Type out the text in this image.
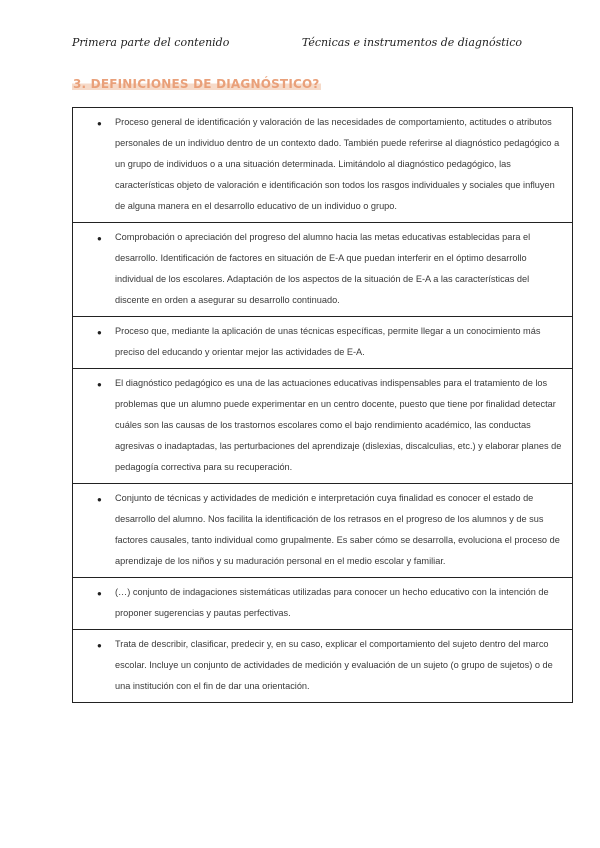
Primera parte del contenido	Técnicas e instrumentos de diagnóstico
3. DEFINICIONES DE DIAGNÓSTICO?
●	Proceso general de identificación y valoración de las necesidades de comportamiento, actitudes o atributos personales de un individuo dentro de un contexto dado. También puede referirse al diagnóstico pedagógico a un grupo de individuos o a una situación determinada. Limitándolo al diagnóstico pedagógico, las características objeto de valoración e identificación son todos los rasgos individuales y sociales que influyen de alguna manera en el desarrollo educativo de un individuo o grupo.
●	Comprobación o apreciación del progreso del alumno hacia las metas educativas establecidas para el desarrollo. Identificación de factores en situación de E-A que puedan interferir en el óptimo desarrollo individual de los escolares. Adaptación de los aspectos de la situación de E-A a las características del discente en orden a asegurar su desarrollo continuado.
●	Proceso que, mediante la aplicación de unas técnicas específicas, permite llegar a un conocimiento más preciso del educando y orientar mejor las actividades de E-A.
●	El diagnóstico pedagógico es una de las actuaciones educativas indispensables para el tratamiento de los problemas que un alumno puede experimentar en un centro docente, puesto que tiene por finalidad detectar cuáles son las causas de los trastornos escolares como el bajo rendimiento académico, las conductas agresivas o inadaptadas, las perturbaciones del aprendizaje (dislexias, discalculias, etc.) y elaborar planes de pedagogía correctiva para su recuperación.
●	Conjunto de técnicas y actividades de medición e interpretación cuya finalidad es conocer el estado de desarrollo del alumno. Nos facilita la identificación de los retrasos en el progreso de los alumnos y de sus factores causales, tanto individual como grupalmente. Es saber cómo se desarrolla, evoluciona el proceso de aprendizaje de los niños y su maduración personal en el medio escolar y familiar.
●	(…) conjunto de indagaciones sistemáticas utilizadas para conocer un hecho educativo con la intención de proponer sugerencias y pautas perfectivas.
●	Trata de describir, clasificar, predecir y, en su caso, explicar el comportamiento del sujeto dentro del marco escolar. Incluye un conjunto de actividades de medición y evaluación de un sujeto (o grupo de sujetos) o de una institución con el fin de dar una orientación.
